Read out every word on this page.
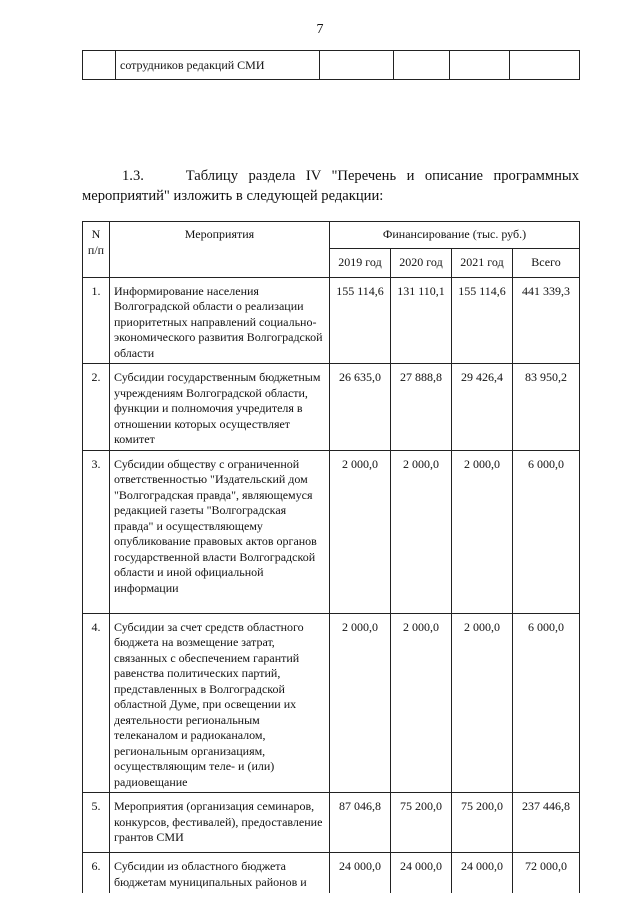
7
	сотрудников редакций СМИ				
1.3.	Таблицу раздела IV "Перечень и описание программных мероприятий" изложить в следующей редакции:
N п/п	Мероприятия	Финансирование (тыс. руб.)			
		2019 год	2020 год	2021 год	Всего
1.	Информирование населения Волгоградской области о реализации приоритетных направлений социально-экономического развития Волгоградской области	155 114,6	131 110,1	155 114,6	441 339,3
2.	Субсидии государственным бюджетным учреждениям Волгоградской области, функции и полномочия учредителя в отношении которых осуществляет комитет	26 635,0	27 888,8	29 426,4	83 950,2
3.	Субсидии обществу с ограниченной ответственностью "Издательский дом "Волгоградская правда", являющемуся редакцией газеты "Волгоградская правда" и осуществляющему опубликование правовых актов органов государственной власти Волгоградской области и иной официальной информации	2 000,0	2 000,0	2 000,0	6 000,0
4.	Субсидии за счет средств областного бюджета на возмещение затрат, связанных с обеспечением гарантий равенства политических партий, представленных в Волгоградской областной Думе, при освещении их деятельности региональным телеканалом и радиоканалом, региональным организациям, осуществляющим теле- и (или) радиовещание	2 000,0	2 000,0	2 000,0	6 000,0
5.	Мероприятия (организация семинаров, конкурсов, фестивалей), предоставление грантов СМИ	87 046,8	75 200,0	75 200,0	237 446,8
6.	Субсидии из областного бюджета бюджетам муниципальных районов и	24 000,0	24 000,0	24 000,0	72 000,0
